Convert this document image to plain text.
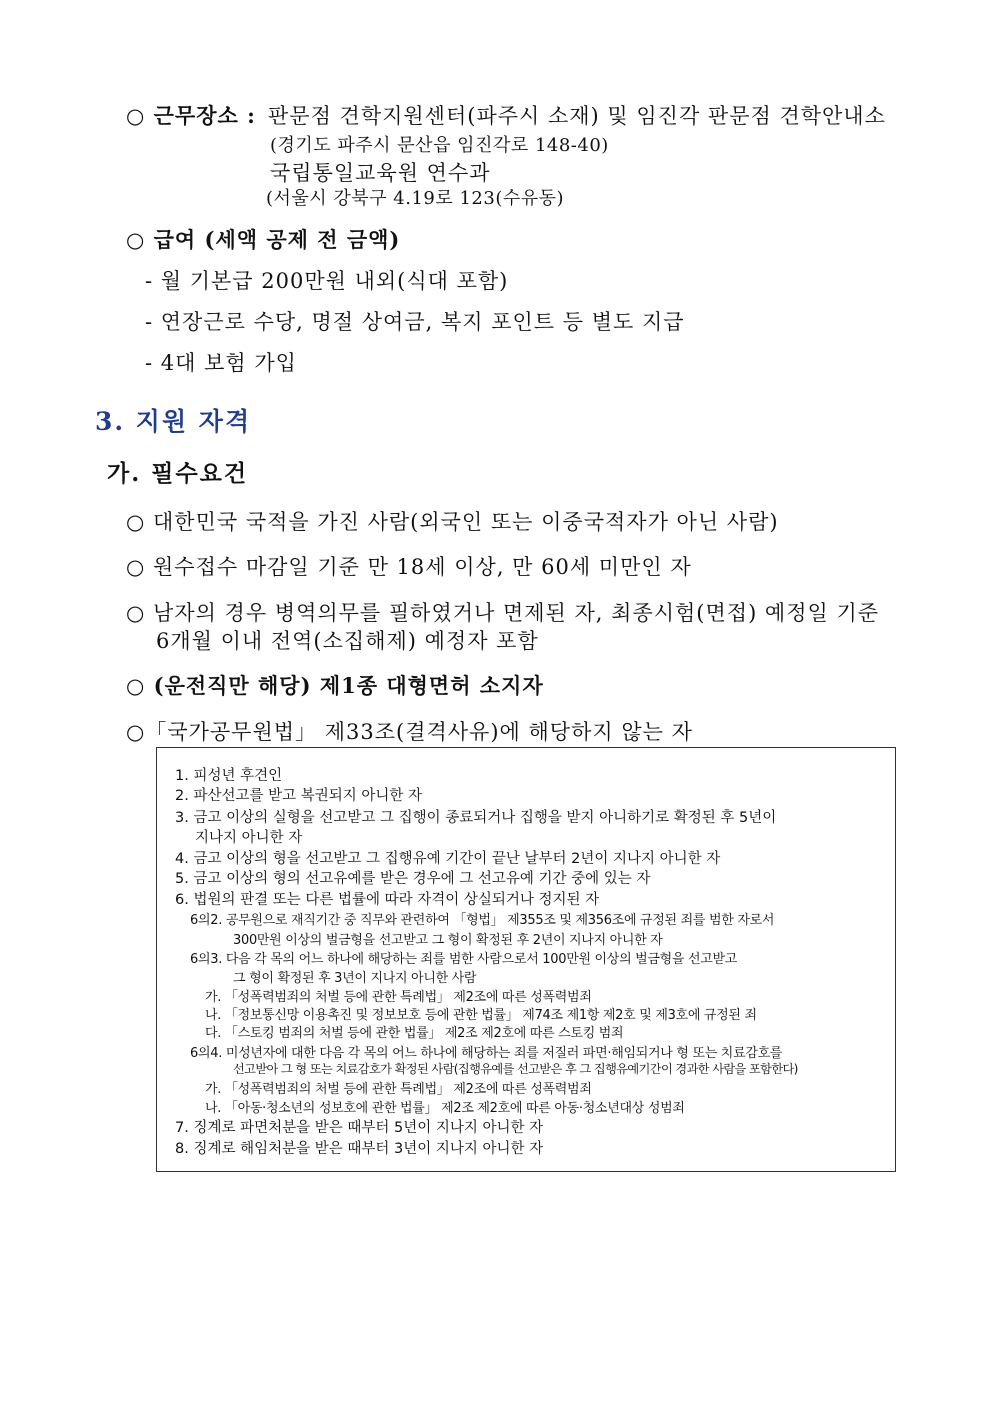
○ 근무장소 : 판문점 견학지원센터(파주시 소재) 및 임진각 판문점 견학안내소
(경기도 파주시 문산읍 임진각로 148-40)
국립통일교육원 연수과
(서울시 강북구 4.19로 123(수유동)
○ 급여 (세액 공제 전 금액)
- 월 기본급 200만원 내외(식대 포함)
- 연장근로 수당, 명절 상여금, 복지 포인트 등 별도 지급
- 4대 보험 가입
3. 지원 자격
가. 필수요건
○ 대한민국 국적을 가진 사람(외국인 또는 이중국적자가 아닌 사람)
○ 원수접수 마감일 기준 만 18세 이상, 만 60세 미만인 자
○ 남자의 경우 병역의무를 필하였거나 면제된 자, 최종시험(면접) 예정일 기준
6개월 이내 전역(소집해제) 예정자 포함
○ (운전직만 해당) 제1종 대형면허 소지자
○「국가공무원법」 제33조(결격사유)에 해당하지 않는 자
1. 피성년 후견인
2. 파산선고를 받고 복권되지 아니한 자
3. 금고 이상의 실형을 선고받고 그 집행이 종료되거나 집행을 받지 아니하기로 확정된 후 5년이
지나지 아니한 자
4. 금고 이상의 형을 선고받고 그 집행유예 기간이 끝난 날부터 2년이 지나지 아니한 자
5. 금고 이상의 형의 선고유예를 받은 경우에 그 선고유예 기간 중에 있는 자
6. 법원의 판결 또는 다른 법률에 따라 자격이 상실되거나 정지된 자
6의2. 공무원으로 재직기간 중 직무와 관련하여 「형법」 제355조 및 제356조에 규정된 죄를 범한 자로서
300만원 이상의 벌금형을 선고받고 그 형이 확정된 후 2년이 지나지 아니한 자
6의3. 다음 각 목의 어느 하나에 해당하는 죄를 범한 사람으로서 100만원 이상의 벌금형을 선고받고
그 형이 확정된 후 3년이 지나지 아니한 사람
가. 「성폭력범죄의 처벌 등에 관한 특례법」 제2조에 따른 성폭력범죄
나. 「정보통신망 이용촉진 및 정보보호 등에 관한 법률」 제74조 제1항 제2호 및 제3호에 규정된 죄
다. 「스토킹 범죄의 처벌 등에 관한 법률」 제2조 제2호에 따른 스토킹 범죄
6의4. 미성년자에 대한 다음 각 목의 어느 하나에 해당하는 죄를 저질러 파면·해임되거나 형 또는 치료감호를
선고받아 그 형 또는 치료감호가 확정된 사람(집행유예를 선고받은 후 그 집행유예기간이 경과한 사람을 포함한다)
가. 「성폭력범죄의 처벌 등에 관한 특례법」 제2조에 따른 성폭력범죄
나. 「아동·청소년의 성보호에 관한 법률」 제2조 제2호에 따른 아동·청소년대상 성범죄
7. 징계로 파면처분을 받은 때부터 5년이 지나지 아니한 자
8. 징계로 해임처분을 받은 때부터 3년이 지나지 아니한 자
